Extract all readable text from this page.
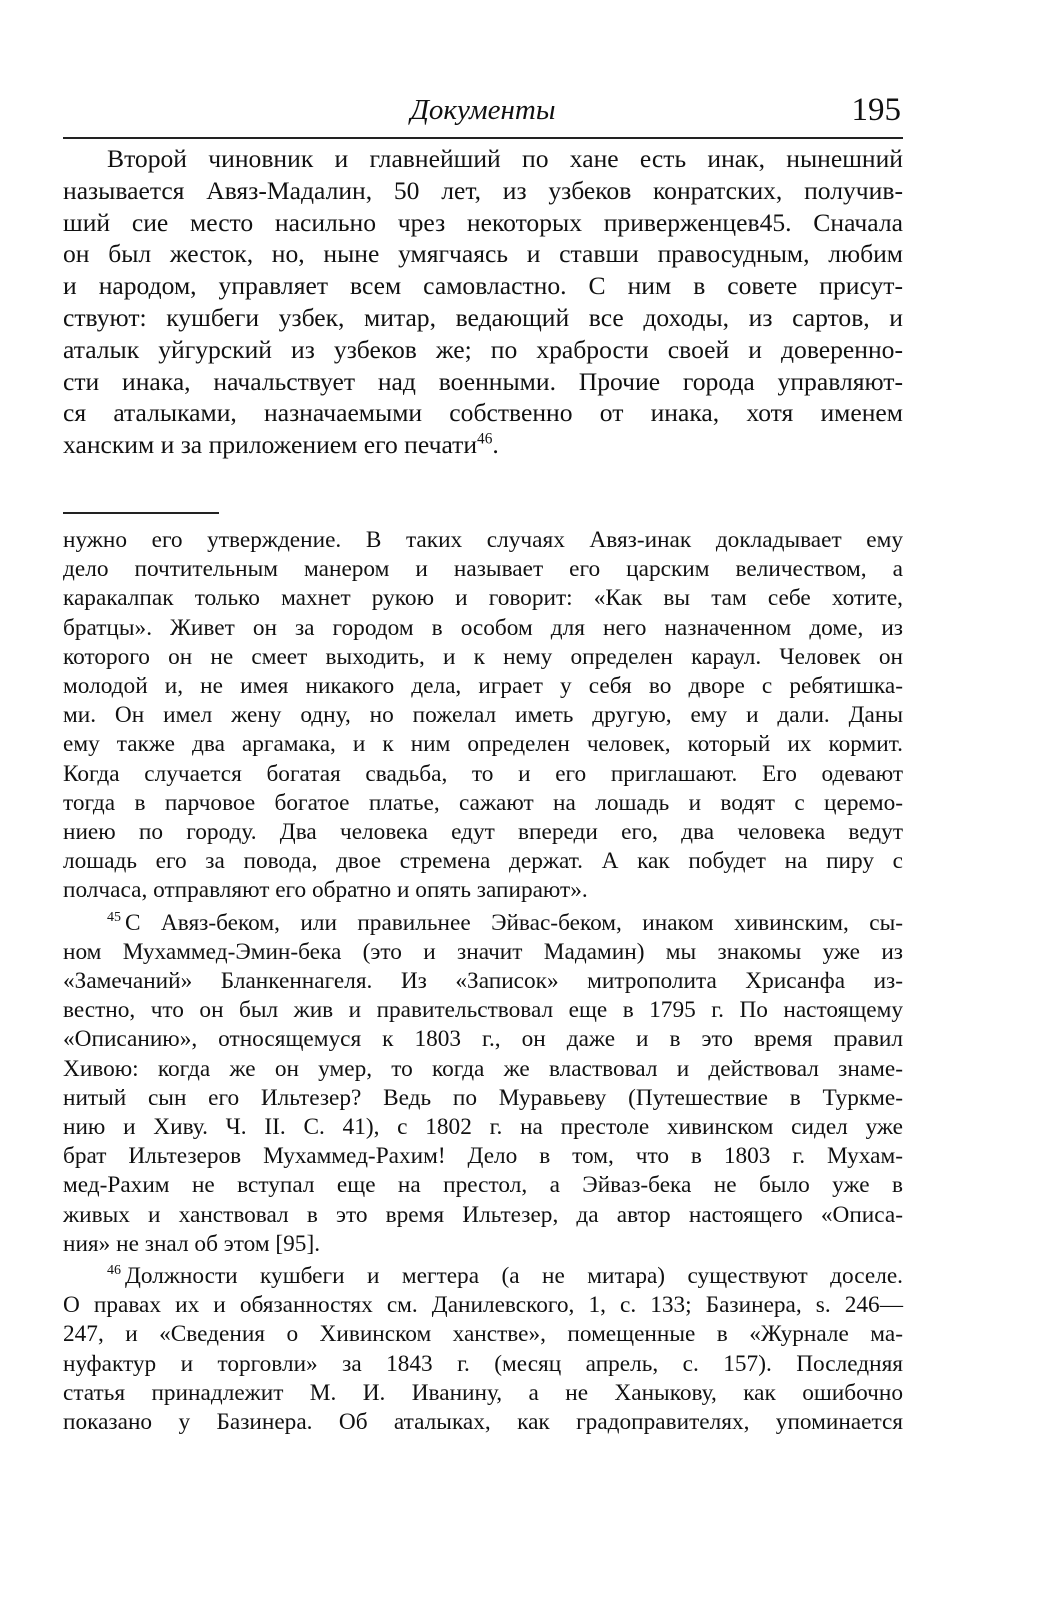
Документы	195
Второй чиновник и главнейший по хане есть инак, нынешний
называется Авяз-Мадалин, 50 лет, из узбеков конратских, получив-
ший сие место насильно чрез некоторых приверженцев45. Сначала
он был жесток, но, ныне умягчаясь и ставши правосудным, любим
и народом, управляет всем самовластно. С ним в совете присут-
ствуют: кушбеги узбек, митар, ведающий все доходы, из сартов, и
аталык уйгурский из узбеков же; по храбрости своей и доверенно-
сти инака, начальствует над военными. Прочие города управляют-
ся аталыками, назначаемыми собственно от инака, хотя именем
ханским и за приложением его печати$^{46}$.
нужно его утверждение. В таких случаях Авяз-инак докладывает ему
дело почтительным манером и называет его царским величеством, а
каракалпак только махнет рукою и говорит: «Как вы там себе хотите,
братцы». Живет он за городом в особом для него назначенном доме, из
которого он не смеет выходить, и к нему определен караул. Человек он
молодой и, не имея никакого дела, играет у себя во дворе с ребятишка-
ми. Он имел жену одну, но пожелал иметь другую, ему и дали. Даны
ему также два аргамака, и к ним определен человек, который их кормит.
Когда случается богатая свадьба, то и его приглашают. Его одевают
тогда в парчовое богатое платье, сажают на лошадь и водят с церемо-
ниею по городу. Два человека едут впереди его, два человека ведут
лошадь его за повода, двое стремена держат. А как побудет на пиру с
полчаса, отправляют его обратно и опять запирают».
$^{45}$ С Авяз-беком, или правильнее Эйвас-беком, инаком хивинским, сы-
ном Мухаммед-Эмин-бека (это и значит Мадамин) мы знакомы уже из
«Замечаний» Бланкеннагеля. Из «Записок» митрополита Хрисанфа из-
вестно, что он был жив и правительствовал еще в 1795 г. По настоящему
«Описанию», относящемуся к 1803 г., он даже и в это время правил
Хивою: когда же он умер, то когда же властвовал и действовал знаме-
нитый сын его Ильтезер? Ведь по Муравьеву (Путешествие в Туркме-
нию и Хиву. Ч. II. С. 41), с 1802 г. на престоле хивинском сидел уже
брат Ильтезеров Мухаммед-Рахим! Дело в том, что в 1803 г. Мухам-
мед-Рахим не вступал еще на престол, а Эйваз-бека не было уже в
живых и ханствовал в это время Ильтезер, да автор настоящего «Описа-
ния» не знал об этом [95].
$^{46}$ Должности кушбеги и мегтера (а не митара) существуют доселе.
О правах их и обязанностях см. Данилевского, 1, с. 133; Базинера, s. 246—
247, и «Сведения о Хивинском ханстве», помещенные в «Журнале ма-
нуфактур и торговли» за 1843 г. (месяц апрель, с. 157). Последняя
статья принадлежит М. И. Иванину, а не Ханыкову, как ошибочно
показано у Базинера. Об аталыках, как градоправителях, упоминается
